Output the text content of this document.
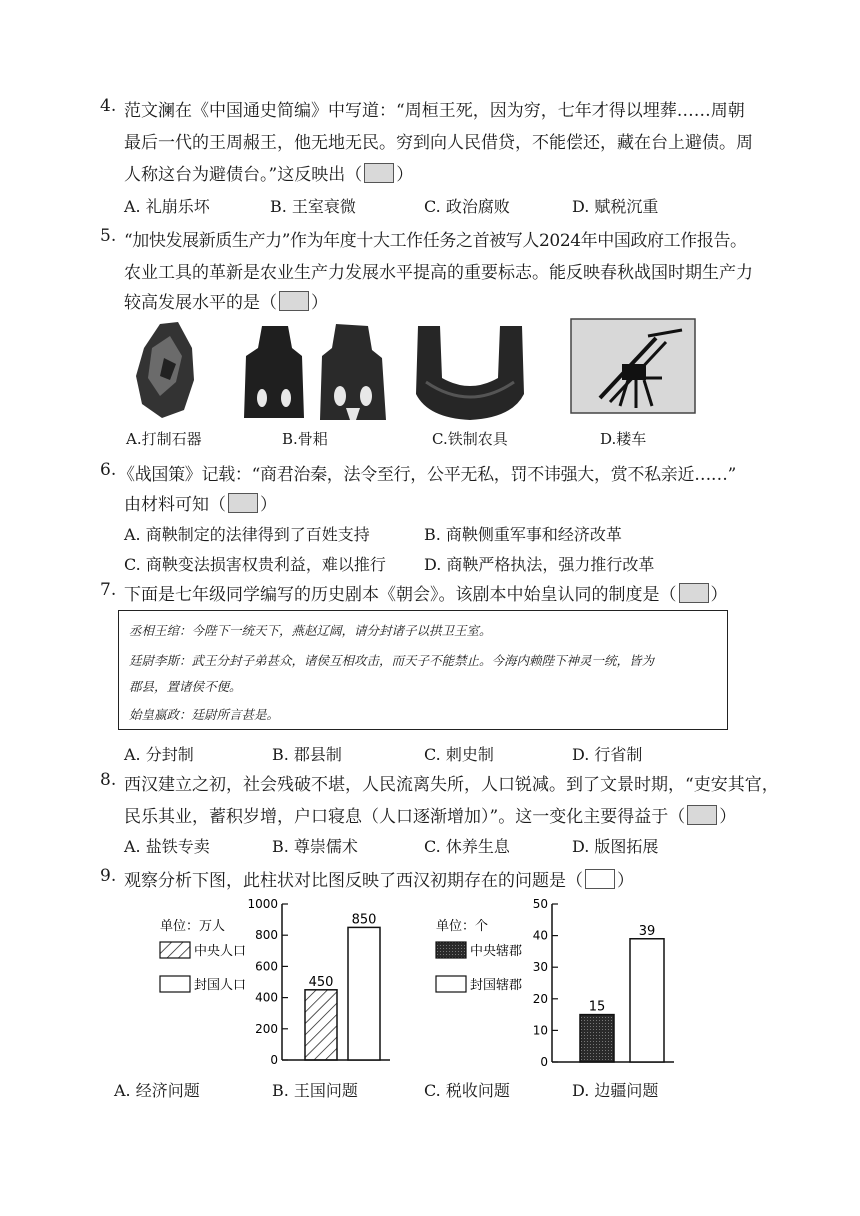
4. 范文澜在《中国通史简编》中写道：“周桓王死，因为穷，七年才得以埋葬……周朝
最后一代的王周赧王，他无地无民。穷到向人民借贷，不能偿还，藏在台上避债。周
人称这台为避债台。”这反映出（ ）
A. 礼崩乐坏	B. 王室衰微	C. 政治腐败	D. 赋税沉重
5. “加快发展新质生产力”作为年度十大工作任务之首被写人2024年中国政府工作报告。
农业工具的革新是农业生产力发展水平提高的重要标志。能反映春秋战国时期生产力
较高发展水平的是（ ）
A.打制石器	B.骨耜	C.铁制农具	D.耧车
6. 《战国策》记载：“商君治秦，法令至行，公平无私，罚不讳强大，赏不私亲近……”
由材料可知（ ）
A. 商鞅制定的法律得到了百姓支持	B. 商鞅侧重军事和经济改革
C. 商鞅变法损害权贵利益，难以推行 D. 商鞅严格执法，强力推行改革
7. 下面是七年级同学编写的历史剧本《朝会》。该剧本中始皇认同的制度是（ ）
丞相王绾：今陛下一统天下，燕赵辽阔，请分封诸子以拱卫王室。
廷尉李斯：武王分封子弟甚众，诸侯互相攻击，而天子不能禁止。今海内赖陛下神灵一统，皆为
郡县，置诸侯不便。
始皇嬴政：廷尉所言甚是。
A. 分封制	B. 郡县制	C. 刺史制	D. 行省制
8. 西汉建立之初，社会残破不堪，人民流离失所，人口锐减。到了文景时期，“吏安其官，
民乐其业，蓄积岁增，户口寝息（人口逐渐增加）”。这一变化主要得益于（ ）
A. 盐铁专卖	B. 尊崇儒术	C. 休养生息	D. 版图拓展
9. 观察分析下图，此柱状对比图反映了西汉初期存在的问题是（ ）
单位：万人
中央人口
封国人口
0
200
400
600
800
1000
450
850	单位：个
中央辖郡
封国辖郡
0
10
20
30
40
50
15
39
A. 经济问题	B. 王国问题	C. 税收问题	D. 边疆问题
